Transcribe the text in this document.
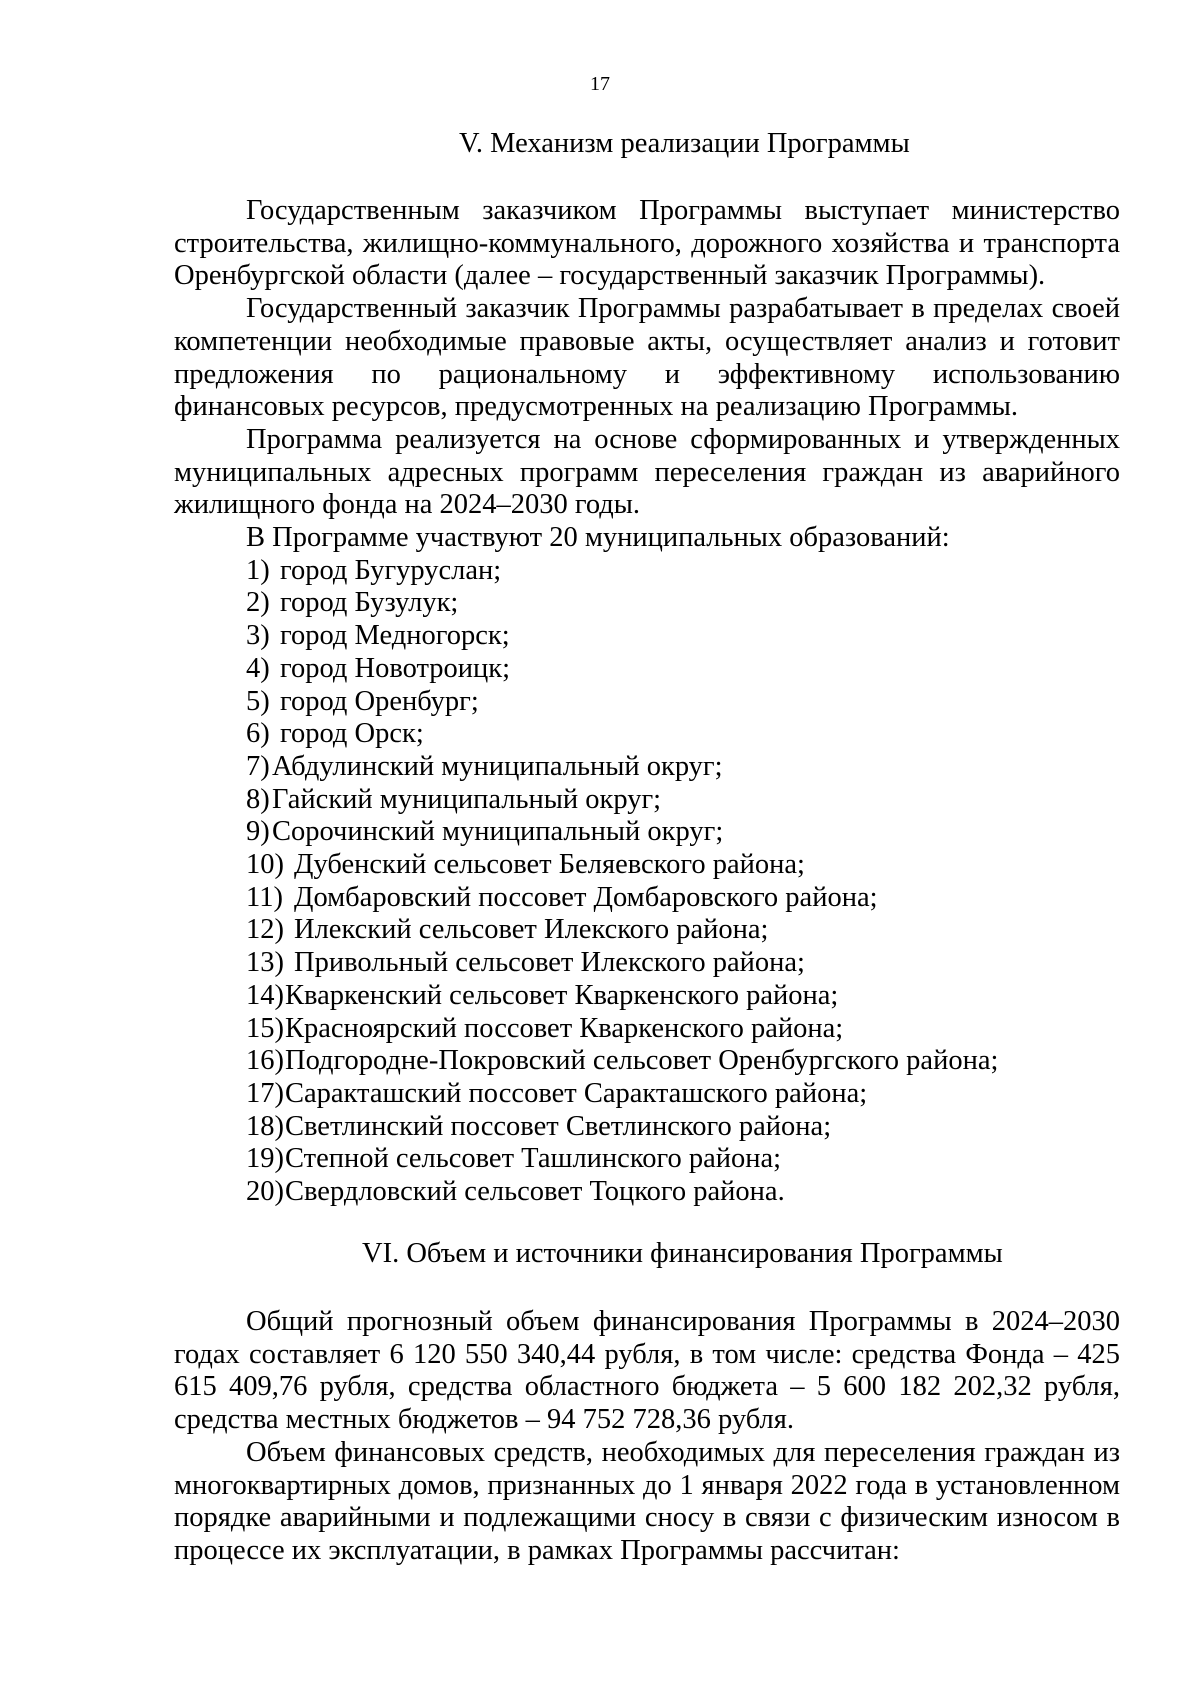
17

V. Механизм реализации Программы

Государственным заказчиком Программы выступает министерство строительства, жилищно-коммунального, дорожного хозяйства и транспорта Оренбургской области (далее – государственный заказчик Программы).

Государственный заказчик Программы разрабатывает в пределах своей компетенции необходимые правовые акты, осуществляет анализ и готовит предложения по рациональному и эффективному использованию финансовых ресурсов, предусмотренных на реализацию Программы.

Программа реализуется на основе сформированных и утвержденных муниципальных адресных программ переселения граждан из аварийного жилищного фонда на 2024–2030 годы.

В Программе участвуют 20 муниципальных образований:

1) город Бугуруслан;
2) город Бузулук;
3) город Медногорск;
4) город Новотроицк;
5) город Оренбург;
6) город Орск;
7)Абдулинский муниципальный округ;
8)Гайский муниципальный округ;
9)Сорочинский муниципальный округ;
10) Дубенский сельсовет Беляевского района;
11) Домбаровский поссовет Домбаровского района;
12) Илекский сельсовет Илекского района;
13) Привольный сельсовет Илекского района;
14)Кваркенский сельсовет Кваркенского района;
15)Красноярский поссовет Кваркенского района;
16)Подгородне-Покровский сельсовет Оренбургского района;
17)Саракташский поссовет Саракташского района;
18)Светлинский поссовет Светлинского района;
19)Степной сельсовет Ташлинского района;
20)Свердловский сельсовет Тоцкого района.
VI. Объем и источники финансирования Программы

Общий прогнозный объем финансирования Программы в 2024–2030 годах составляет 6 120 550 340,44 рубля, в том числе: средства Фонда – 425 615 409,76 рубля, средства областного бюджета – 5 600 182 202,32 рубля, средства местных бюджетов – 94 752 728,36 рубля.

Объем финансовых средств, необходимых для переселения граждан из многоквартирных домов, признанных до 1 января 2022 года в установленном порядке аварийными и подлежащими сносу в связи с физическим износом в процессе их эксплуатации, в рамках Программы рассчитан:
